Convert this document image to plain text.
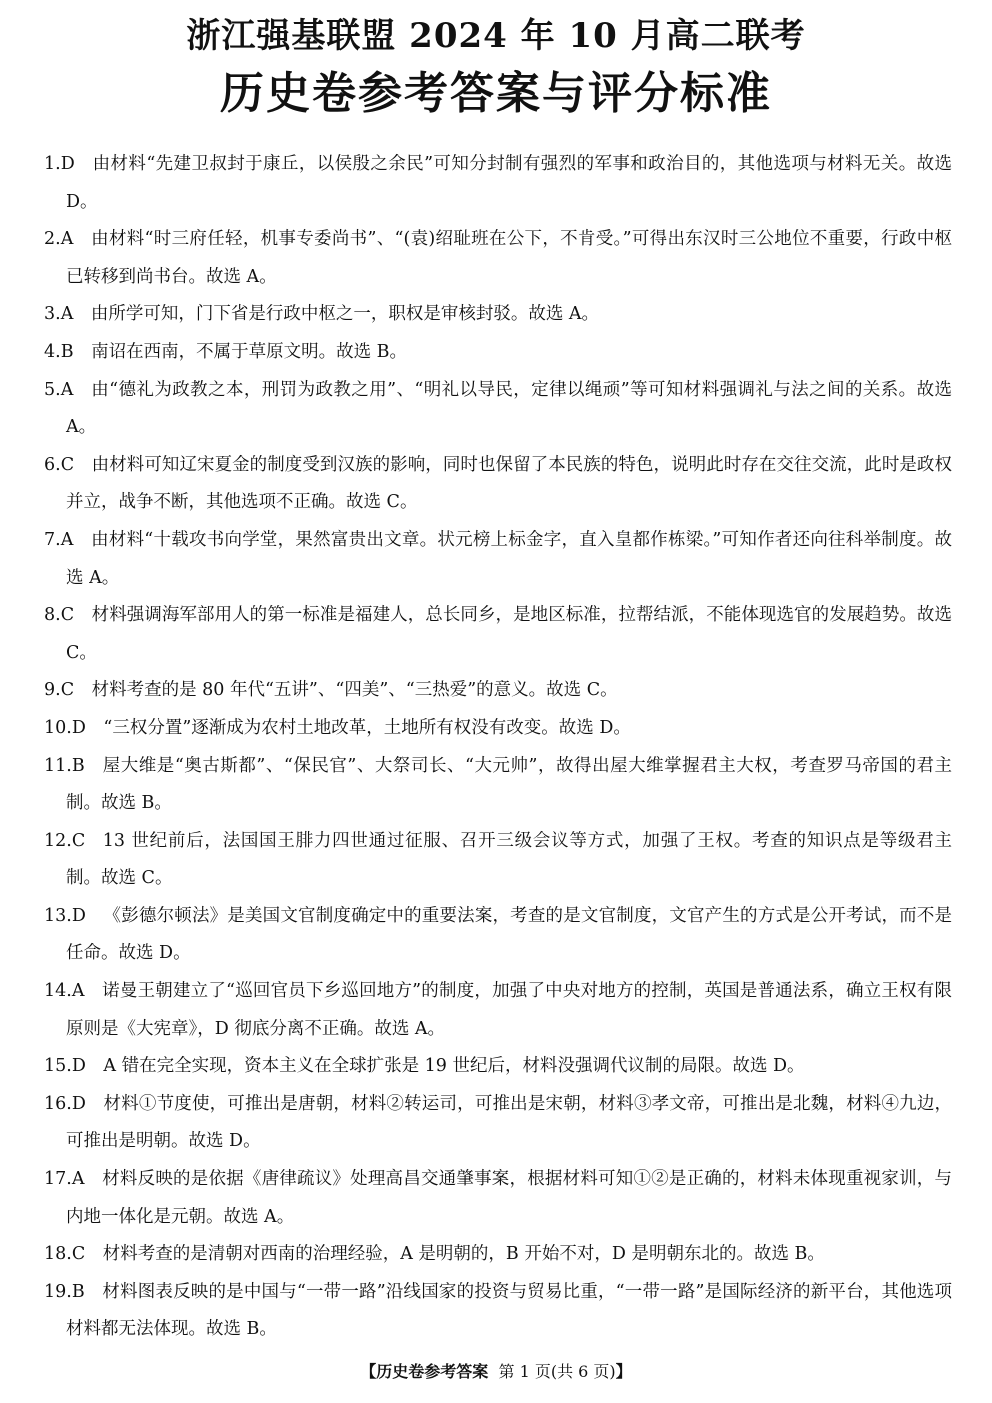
浙江强基联盟 2024 年 10 月高二联考
历史卷参考答案与评分标准
1.D  由材料“先建卫叔封于康丘，以侯殷之余民”可知分封制有强烈的军事和政治目的，其他选项与材料无关。故选 D。
2.A  由材料“时三府任轻，机事专委尚书”、“(袁)绍耻班在公下，不肯受。”可得出东汉时三公地位不重要，行政中枢已转移到尚书台。故选 A。
3.A  由所学可知，门下省是行政中枢之一，职权是审核封驳。故选 A。
4.B  南诏在西南，不属于草原文明。故选 B。
5.A  由“德礼为政教之本，刑罚为政教之用”、“明礼以导民，定律以绳顽”等可知材料强调礼与法之间的关系。故选 A。
6.C  由材料可知辽宋夏金的制度受到汉族的影响，同时也保留了本民族的特色，说明此时存在交往交流，此时是政权并立，战争不断，其他选项不正确。故选 C。
7.A  由材料“十载攻书向学堂，果然富贵出文章。状元榜上标金字，直入皇都作栋梁。”可知作者还向往科举制度。故选 A。
8.C  材料强调海军部用人的第一标准是福建人，总长同乡，是地区标准，拉帮结派，不能体现选官的发展趋势。故选 C。
9.C  材料考查的是 80 年代“五讲”、“四美”、“三热爱”的意义。故选 C。
10.D  “三权分置”逐渐成为农村土地改革，土地所有权没有改变。故选 D。
11.B  屋大维是“奥古斯都”、“保民官”、大祭司长、“大元帅”，故得出屋大维掌握君主大权，考查罗马帝国的君主制。故选 B。
12.C  13 世纪前后，法国国王腓力四世通过征服、召开三级会议等方式，加强了王权。考查的知识点是等级君主制。故选 C。
13.D  《彭德尔顿法》是美国文官制度确定中的重要法案，考查的是文官制度，文官产生的方式是公开考试，而不是任命。故选 D。
14.A  诺曼王朝建立了“巡回官员下乡巡回地方”的制度，加强了中央对地方的控制，英国是普通法系，确立王权有限原则是《大宪章》，D 彻底分离不正确。故选 A。
15.D  A 错在完全实现，资本主义在全球扩张是 19 世纪后，材料没强调代议制的局限。故选 D。
16.D  材料①节度使，可推出是唐朝，材料②转运司，可推出是宋朝，材料③孝文帝，可推出是北魏，材料④九边，可推出是明朝。故选 D。
17.A  材料反映的是依据《唐律疏议》处理高昌交通肇事案，根据材料可知①②是正确的，材料未体现重视家训，与内地一体化是元朝。故选 A。
18.C  材料考查的是清朝对西南的治理经验，A 是明朝的，B 开始不对，D 是明朝东北的。故选 B。
19.B  材料图表反映的是中国与“一带一路”沿线国家的投资与贸易比重，“一带一路”是国际经济的新平台，其他选项材料都无法体现。故选 B。
【历史卷参考答案 第 1 页(共 6 页)】
